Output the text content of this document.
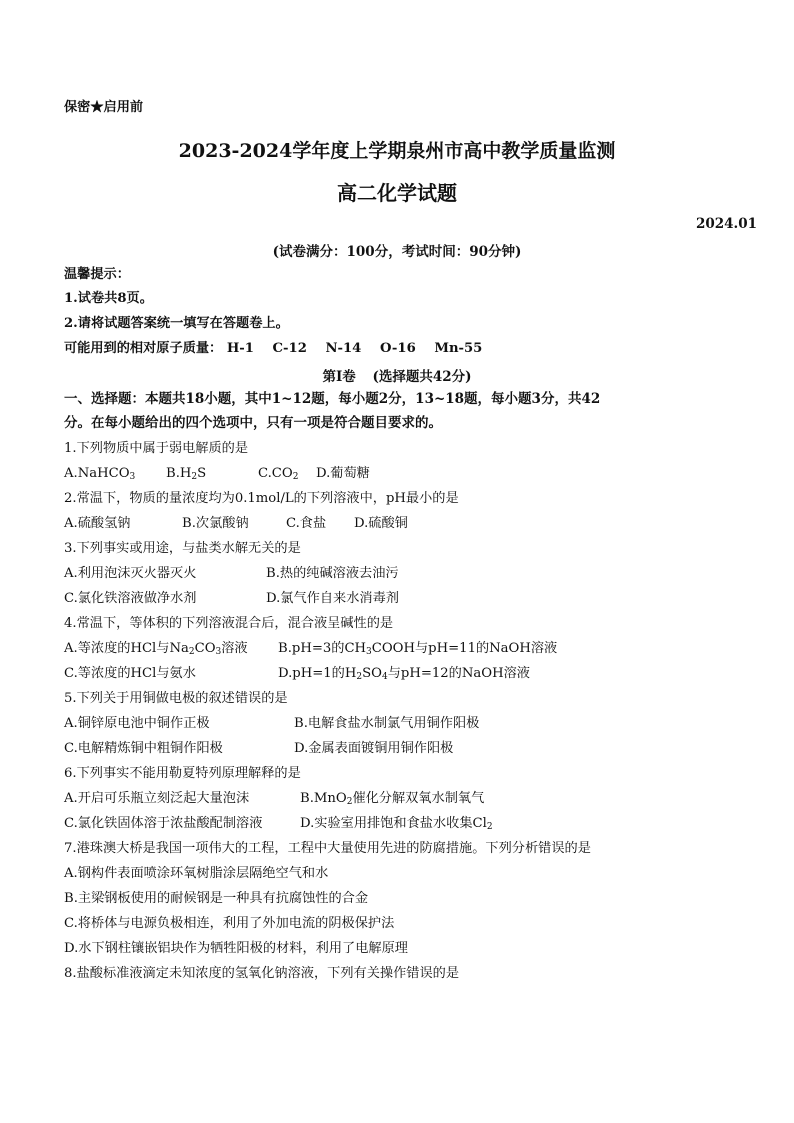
保密★启用前
2023-2024学年度上学期泉州市高中教学质量监测
高二化学试题
2024.01
(试卷满分：100分，考试时间：90分钟)
温馨提示：
1.试卷共8页。
2.请将试题答案统一填写在答题卷上。
可能用到的相对原子质量： H-1 C-12 N-14 O-16 Mn-55
第Ⅰ卷 (选择题共42分)
一、选择题：本题共18小题，其中1~12题，每小题2分，13~18题，每小题3分，共42
分。在每小题给出的四个选项中，只有一项是符合题目要求的。
1.下列物质中属于弱电解质的是
A.NaHCO$_3$ $B.H_2S$	$C.CO_2$ D.葡萄糖
2.常温下，物质的量浓度均为0.1mol/L的下列溶液中，pH最小的是
A.硫酸氢钠	B.次氯酸钠	C.食盐 D.硫酸铜
3.下列事实或用途，与盐类水解无关的是
A.利用泡沫灭火器灭火	B.热的纯碱溶液去油污
C.氯化铁溶液做净水剂	D.氯气作自来水消毒剂
4.常温下，等体积的下列溶液混合后，混合液呈碱性的是
A.等浓度的HCl与$Na_2CO_3$溶液 B.pH=3的$CH_3COOH$与pH=11的NaOH溶液
C.等浓度的HCl与氨水	D.pH=1的$H_2SO_4$与pH=12的NaOH溶液
5.下列关于用铜做电极的叙述错误的是
A.铜锌原电池中铜作正极	B.电解食盐水制氯气用铜作阳极
C.电解精炼铜中粗铜作阳极	D.金属表面镀铜用铜作阳极
6.下列事实不能用勒夏特列原理解释的是
A.开启可乐瓶立刻泛起大量泡沫	B.MnO$_2$催化分解双氧水制氧气
C.氯化铁固体溶于浓盐酸配制溶液	D.实验室用排饱和食盐水收集$Cl_2$
7.港珠澳大桥是我国一项伟大的工程，工程中大量使用先进的防腐措施。下列分析错误的是
A.钢构件表面喷涂环氧树脂涂层隔绝空气和水
B.主梁钢板使用的耐候钢是一种具有抗腐蚀性的合金
C.将桥体与电源负极相连，利用了外加电流的阴极保护法
D.水下钢柱镶嵌铝块作为牺牲阳极的材料，利用了电解原理
8.盐酸标准液滴定未知浓度的氢氧化钠溶液，下列有关操作错误的是
